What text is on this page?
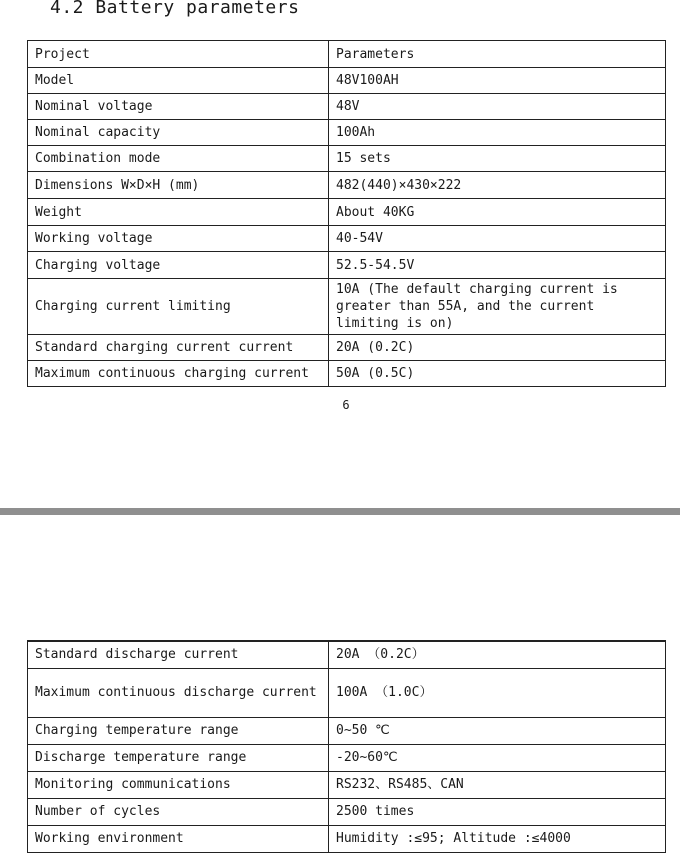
4.2 Battery parameters
Project	Parameters
Model	48V100AH
Nominal voltage	48V
Nominal capacity	100Ah
Combination mode	15 sets
Dimensions W×D×H (mm)	482(440)×430×222
Weight	About 40KG
Working voltage	40-54V
Charging voltage	52.5-54.5V
Charging current limiting	10A (The default charging current is greater than 55A, and the current limiting is on)
Standard charging current current	20A (0.2C)
Maximum continuous charging current	50A (0.5C)
6
Standard discharge current	20A （0.2C）
Maximum continuous discharge current	100A （1.0C）
Charging temperature range	0~50 ℃
Discharge temperature range	-20~60℃
Monitoring communications	RS232、RS485、CAN
Number of cycles	2500 times
Working environment	Humidity :≤95; Altitude :≤4000
